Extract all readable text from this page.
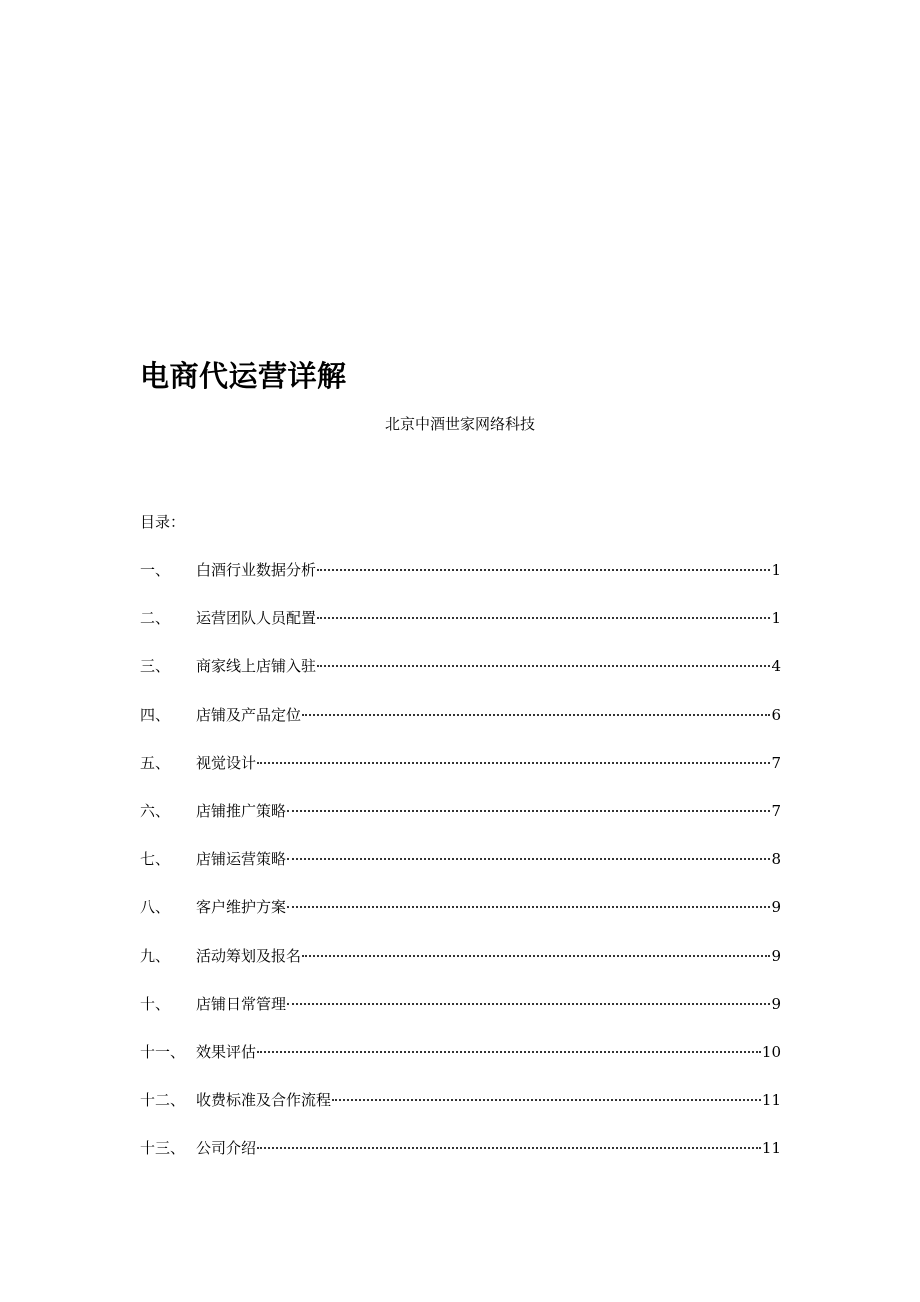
电商代运营详解
北京中酒世家网络科技
目录：
一、	白酒行业数据分析	1
二、	运营团队人员配置	1
三、	商家线上店铺入驻	4
四、	店铺及产品定位	6
五、	视觉设计	7
六、	店铺推广策略	7
七、	店铺运营策略	8
八、	客户维护方案	9
九、	活动筹划及报名	9
十、	店铺日常管理	9
十一、 效果评估	10
十二、 收费标准及合作流程	11
十三、 公司介绍	11
